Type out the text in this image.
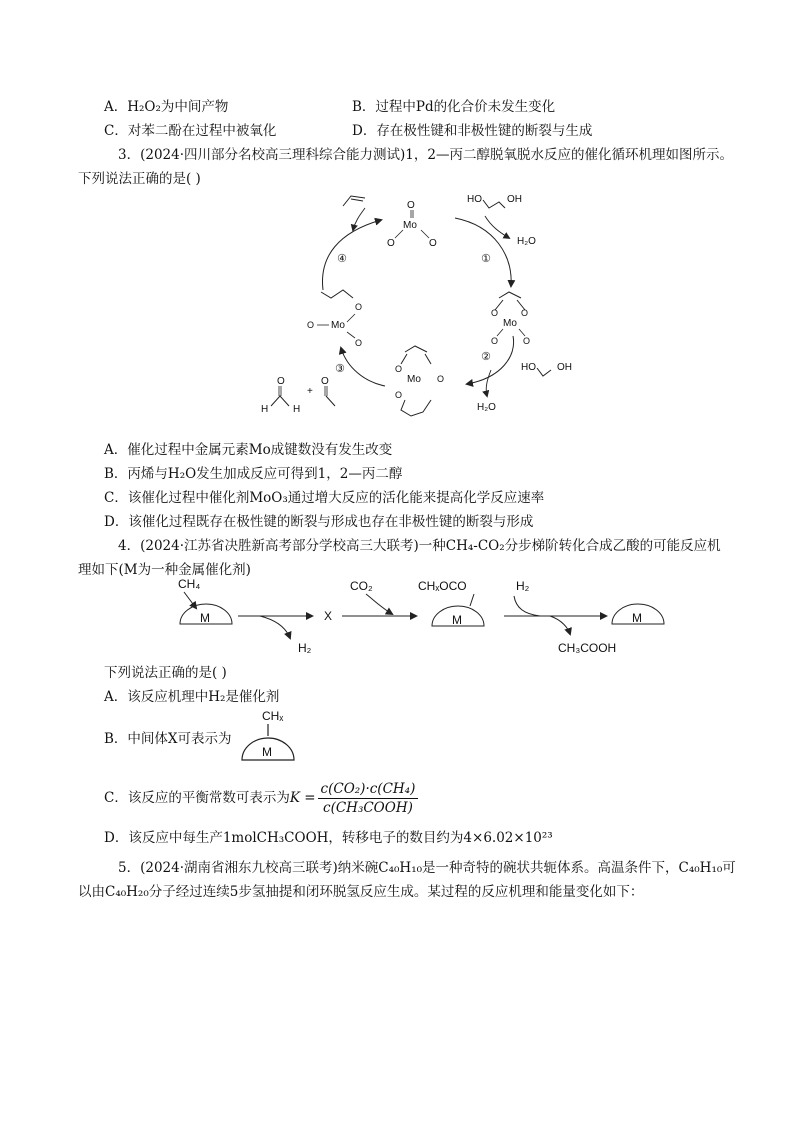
A．H₂O₂为中间产物	B．过程中Pd的化合价未发生变化
C．对苯二酚在过程中被氧化	D．存在极性键和非极性键的断裂与生成
3．(2024·四川部分名校高三理科综合能力测试)1，2—丙二醇脱氧脱水反应的催化循环机理如图所示。
下列说法正确的是( )
①
②
③
④
O
Mo
O	O
HO	OH
H₂O
O	O
Mo
O	O
HO OH
H₂O
O
Mo O
O
O
O Mo
O
O
H H
+
O
A．催化过程中金属元素Mo成键数没有发生改变
B．丙烯与H₂O发生加成反应可得到1，2—丙二醇
C．该催化过程中催化剂MoO₃通过增大反应的活化能来提高化学反应速率
D．该催化过程既存在极性键的断裂与形成也存在非极性键的断裂与形成
4．(2024·江苏省决胜新高考部分学校高三大联考)一种CH₄-CO₂分步梯阶转化合成乙酸的可能反应机
理如下(M为一种金属催化剂)
CH₄
M
H₂
X
CO₂	CHₓOCO
M
H₂
CH₃COOH
M
下列说法正确的是( )
A．该反应机理中H₂是催化剂
B．中间体X可表示为
CHₓ
M
C．该反应的平衡常数可表示为$K = \frac{\text{c(CO₂)·c(CH₄)}}{\text{c(CH₃COOH)}}$
D．该反应中每生产1molCH₃COOH，转移电子的数目约为4×6.02×10²³
5．(2024·湖南省湘东九校高三联考)纳米碗C₄₀H₁₀是一种奇特的碗状共轭体系。高温条件下，C₄₀H₁₀可
以由C₄₀H₂₀分子经过连续5步氢抽提和闭环脱氢反应生成。某过程的反应机理和能量变化如下：
